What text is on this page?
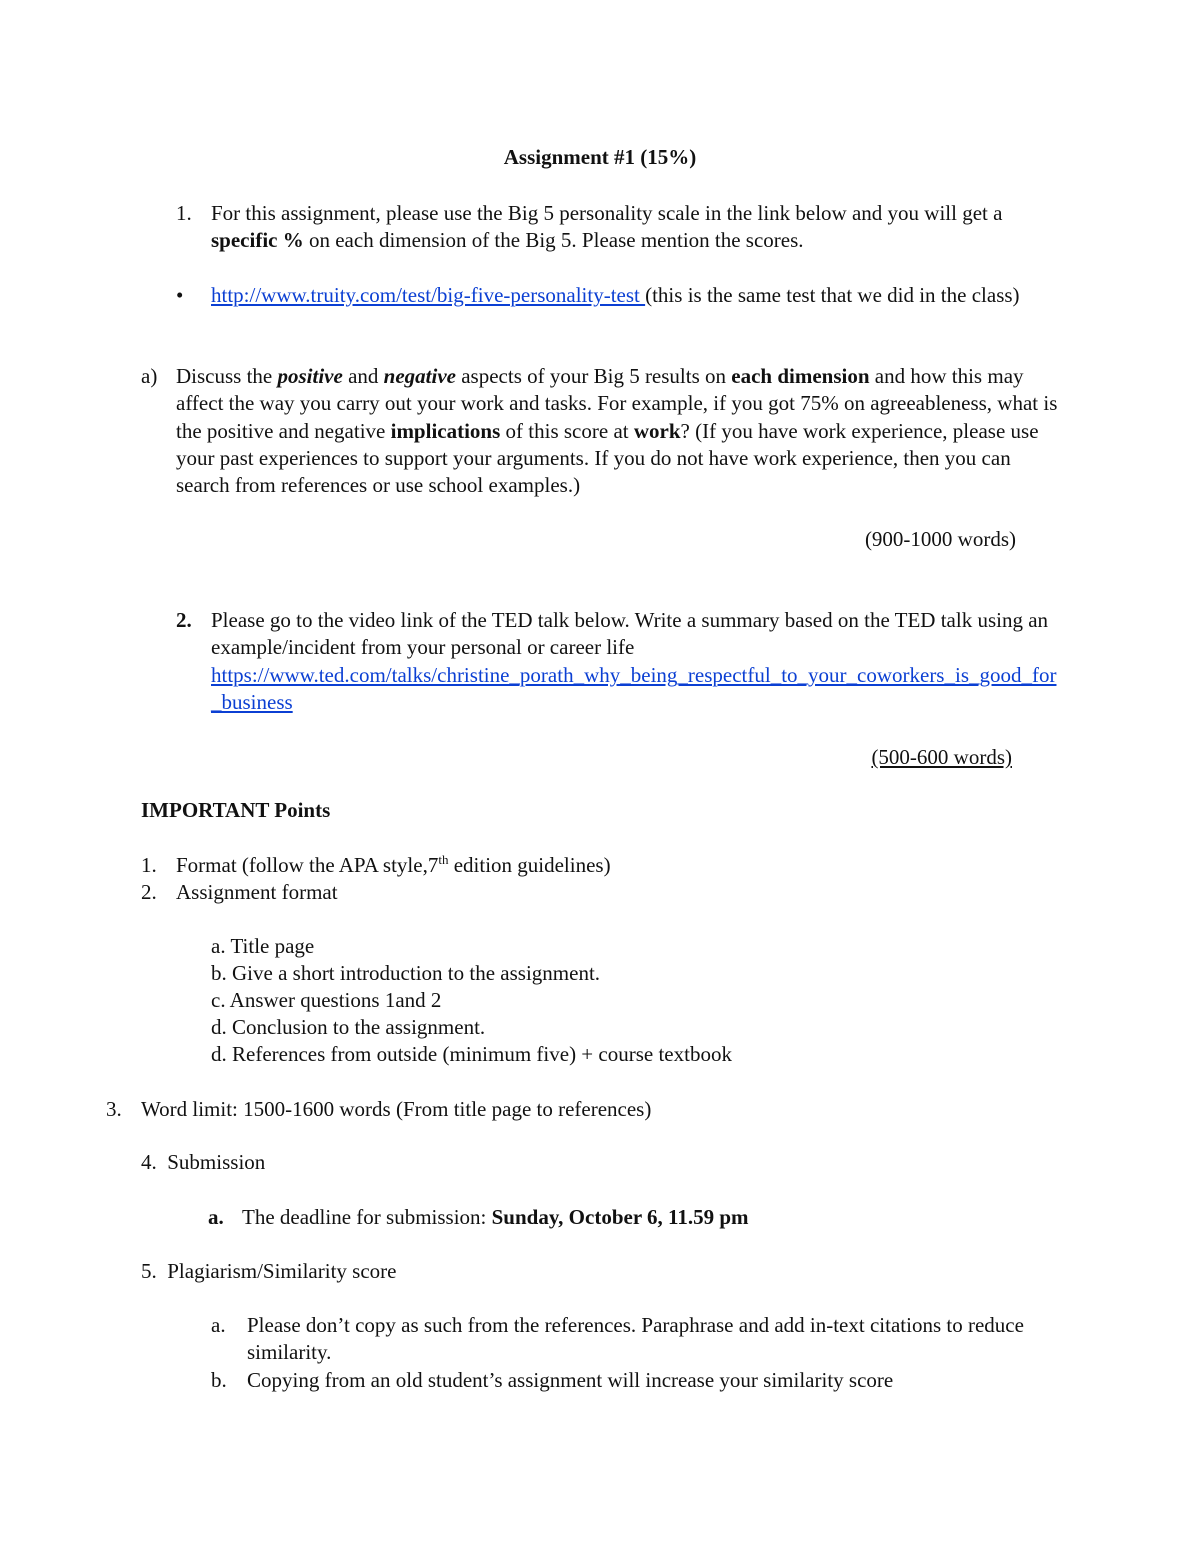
Assignment #1 (15%)
1. For this assignment, please use the Big 5 personality scale in the link below and you will get a specific % on each dimension of the Big 5. Please mention the scores.
• http://www.truity.com/test/big-five-personality-test (this is the same test that we did in the class)
a) Discuss the positive and negative aspects of your Big 5 results on each dimension and how this may affect the way you carry out your work and tasks. For example, if you got 75% on agreeableness, what is the positive and negative implications of this score at work? (If you have work experience, please use your past experiences to support your arguments. If you do not have work experience, then you can search from references or use school examples.)
(900-1000 words)
2. Please go to the video link of the TED talk below. Write a summary based on the TED talk using an example/incident from your personal or career life
https://www.ted.com/talks/christine_porath_why_being_respectful_to_your_coworkers_is_good_for_business
(500-600 words)
IMPORTANT Points
1. Format (follow the APA style,7th edition guidelines)
2. Assignment format
a. Title page
b. Give a short introduction to the assignment.
c. Answer questions 1and 2
d. Conclusion to the assignment.
d. References from outside (minimum five) + course textbook
3. Word limit: 1500-1600 words (From title page to references)
4.  Submission
a. The deadline for submission: Sunday, October 6, 11.59 pm
5.  Plagiarism/Similarity score
a. Please don’t copy as such from the references. Paraphrase and add in-text citations to reduce similarity.
b. Copying from an old student’s assignment will increase your similarity score
